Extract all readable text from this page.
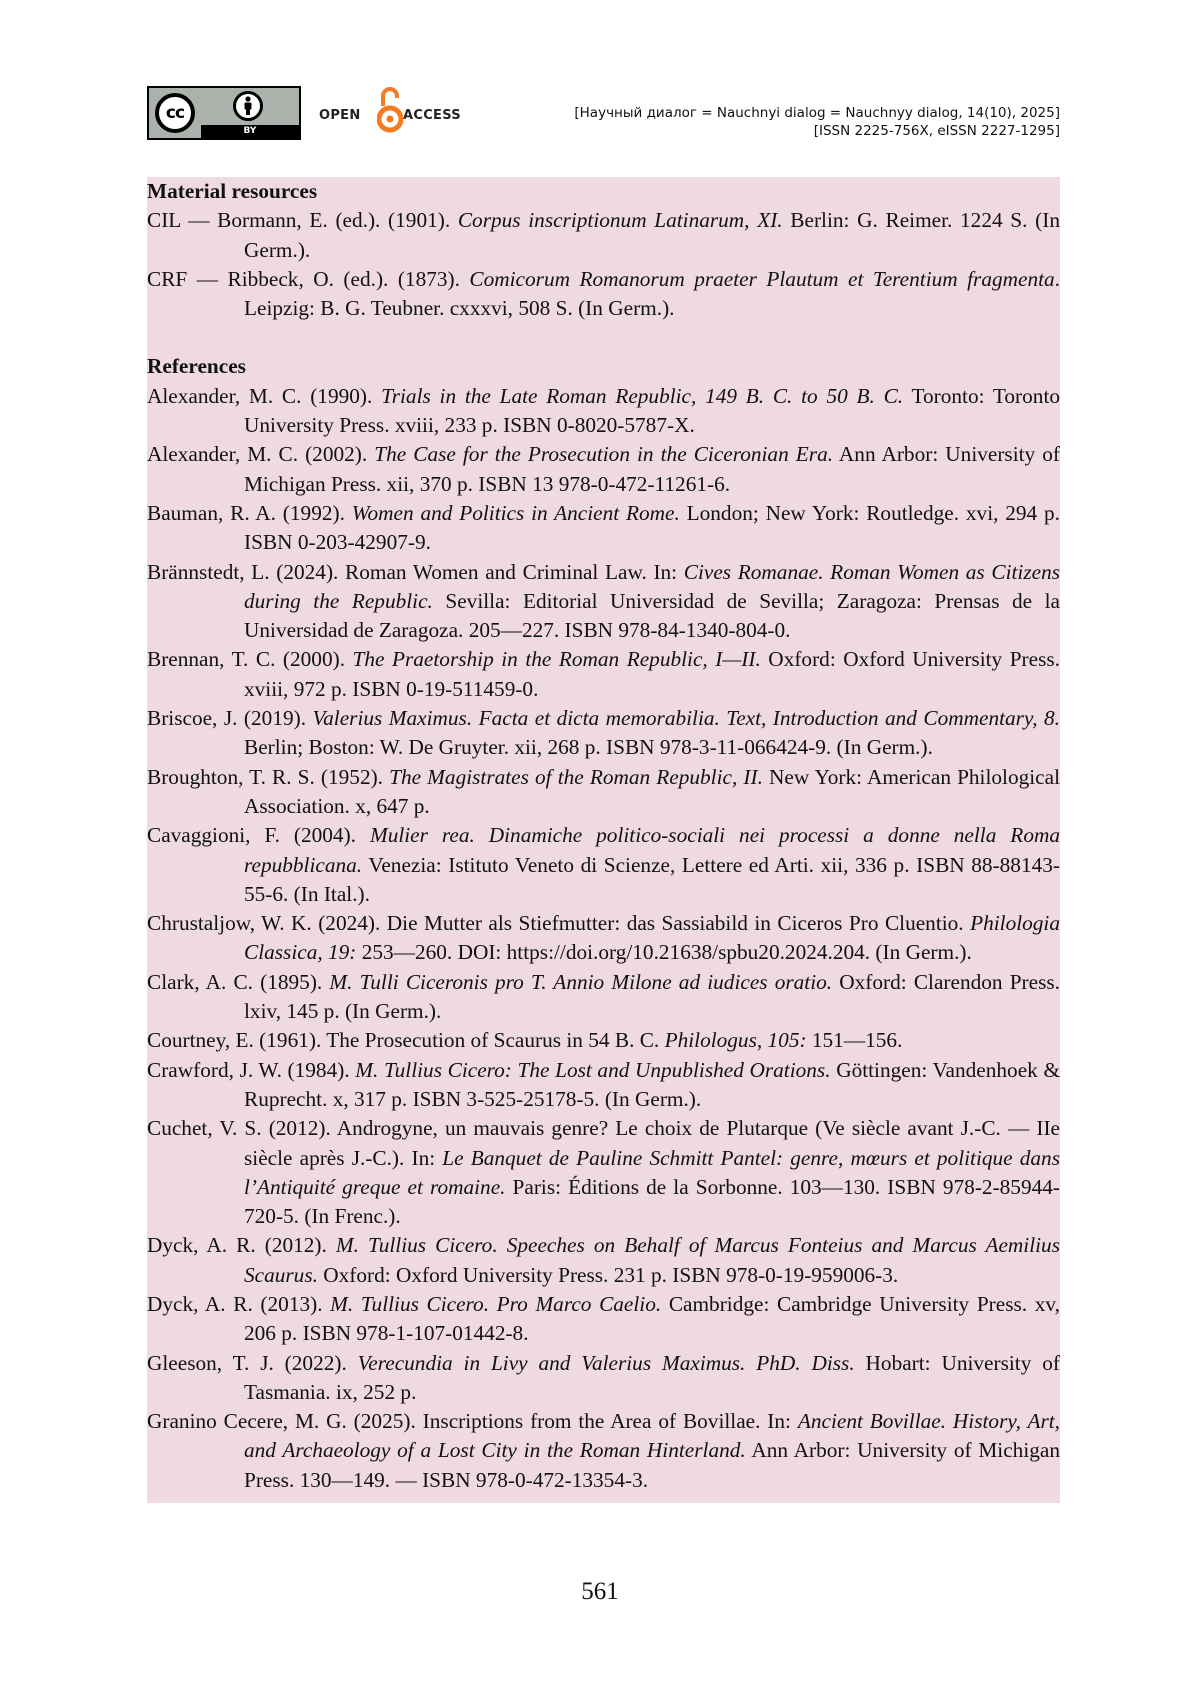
cc
BY
OPEN	ACCESS	[Научный диалог = Nauchnyi dialog = Nauchnyy dialog, 14(10), 2025]
[ISSN 2225-756X, eISSN 2227-1295]

Material resources

CIL — Bormann, E. (ed.). (1901). Corpus inscriptionum Latinarum, XI. Berlin: G. Reimer. 1224 S. (In Germ.).

CRF — Ribbeck, O. (ed.). (1873). Comicorum Romanorum praeter Plautum et Terentium fragmenta. Leipzig: B. G. Teubner. cxxxvi, 508 S. (In Germ.).

References

Alexander, M. C. (1990). Trials in the Late Roman Republic, 149 B. C. to 50 B. C. Toronto: Toronto University Press. xviii, 233 p. ISBN 0-8020-5787-X.

Alexander, M. C. (2002). The Case for the Prosecution in the Ciceronian Era. Ann Arbor: University of Michigan Press. xii, 370 p. ISBN 13 978-0-472-11261-6.

Bauman, R. A. (1992). Women and Politics in Ancient Rome. London; New York: Routledge. xvi, 294 p. ISBN 0-203-42907-9.

Brännstedt, L. (2024). Roman Women and Criminal Law. In: Cives Romanae. Roman Women as Citizens during the Republic. Sevilla: Editorial Universidad de Sevilla; Zaragoza: Prensas de la Universidad de Zaragoza. 205—227. ISBN 978-84-1340-804-0.

Brennan, T. C. (2000). The Praetorship in the Roman Republic, I—II. Oxford: Oxford University Press. xviii, 972 p. ISBN 0-19-511459-0.

Briscoe, J. (2019). Valerius Maximus. Facta et dicta memorabilia. Text, Introduction and Commentary, 8. Berlin; Boston: W. De Gruyter. xii, 268 p. ISBN 978-3-11-066424-9. (In Germ.).

Broughton, T. R. S. (1952). The Magistrates of the Roman Republic, II. New York: American Philological Association. x, 647 p.

Cavaggioni, F. (2004). Mulier rea. Dinamiche politico-sociali nei processi a donne nella Roma repubblicana. Venezia: Istituto Veneto di Scienze, Lettere ed Arti. xii, 336 p. ISBN 88-88143-55-6. (In Ital.).

Chrustaljow, W. K. (2024). Die Mutter als Stiefmutter: das Sassiabild in Ciceros Pro Cluentio. Philologia Classica, 19: 253—260. DOI: https://doi.org/10.21638/spbu20.2024.204. (In Germ.).

Clark, A. C. (1895). M. Tulli Ciceronis pro T. Annio Milone ad iudices oratio. Oxford: Clarendon Press. lxiv, 145 p. (In Germ.).

Courtney, E. (1961). The Prosecution of Scaurus in 54 B. C. Philologus, 105: 151—156.

Crawford, J. W. (1984). M. Tullius Cicero: The Lost and Unpublished Orations. Göttingen: Vandenhoek & Ruprecht. x, 317 p. ISBN 3-525-25178-5. (In Germ.).

Cuchet, V. S. (2012). Androgyne, un mauvais genre? Le choix de Plutarque (Ve siècle avant J.-C. — IIe siècle après J.-C.). In: Le Banquet de Pauline Schmitt Pantel: genre, mœurs et politique dans l’Antiquité greque et romaine. Paris: Éditions de la Sorbonne. 103—130. ISBN 978-2-85944-720-5. (In Frenc.).

Dyck, A. R. (2012). M. Tullius Cicero. Speeches on Behalf of Marcus Fonteius and Marcus Aemilius Scaurus. Oxford: Oxford University Press. 231 p. ISBN 978-0-19-959006-3.

Dyck, A. R. (2013). M. Tullius Cicero. Pro Marco Caelio. Cambridge: Cambridge University Press. xv, 206 p. ISBN 978-1-107-01442-8.

Gleeson, T. J. (2022). Verecundia in Livy and Valerius Maximus. PhD. Diss. Hobart: University of Tasmania. ix, 252 p.

Granino Cecere, M. G. (2025). Inscriptions from the Area of Bovillae. In: Ancient Bovillae. History, Art, and Archaeology of a Lost City in the Roman Hinterland. Ann Arbor: University of Michigan Press. 130—149. — ISBN 978-0-472-13354-3.

561
